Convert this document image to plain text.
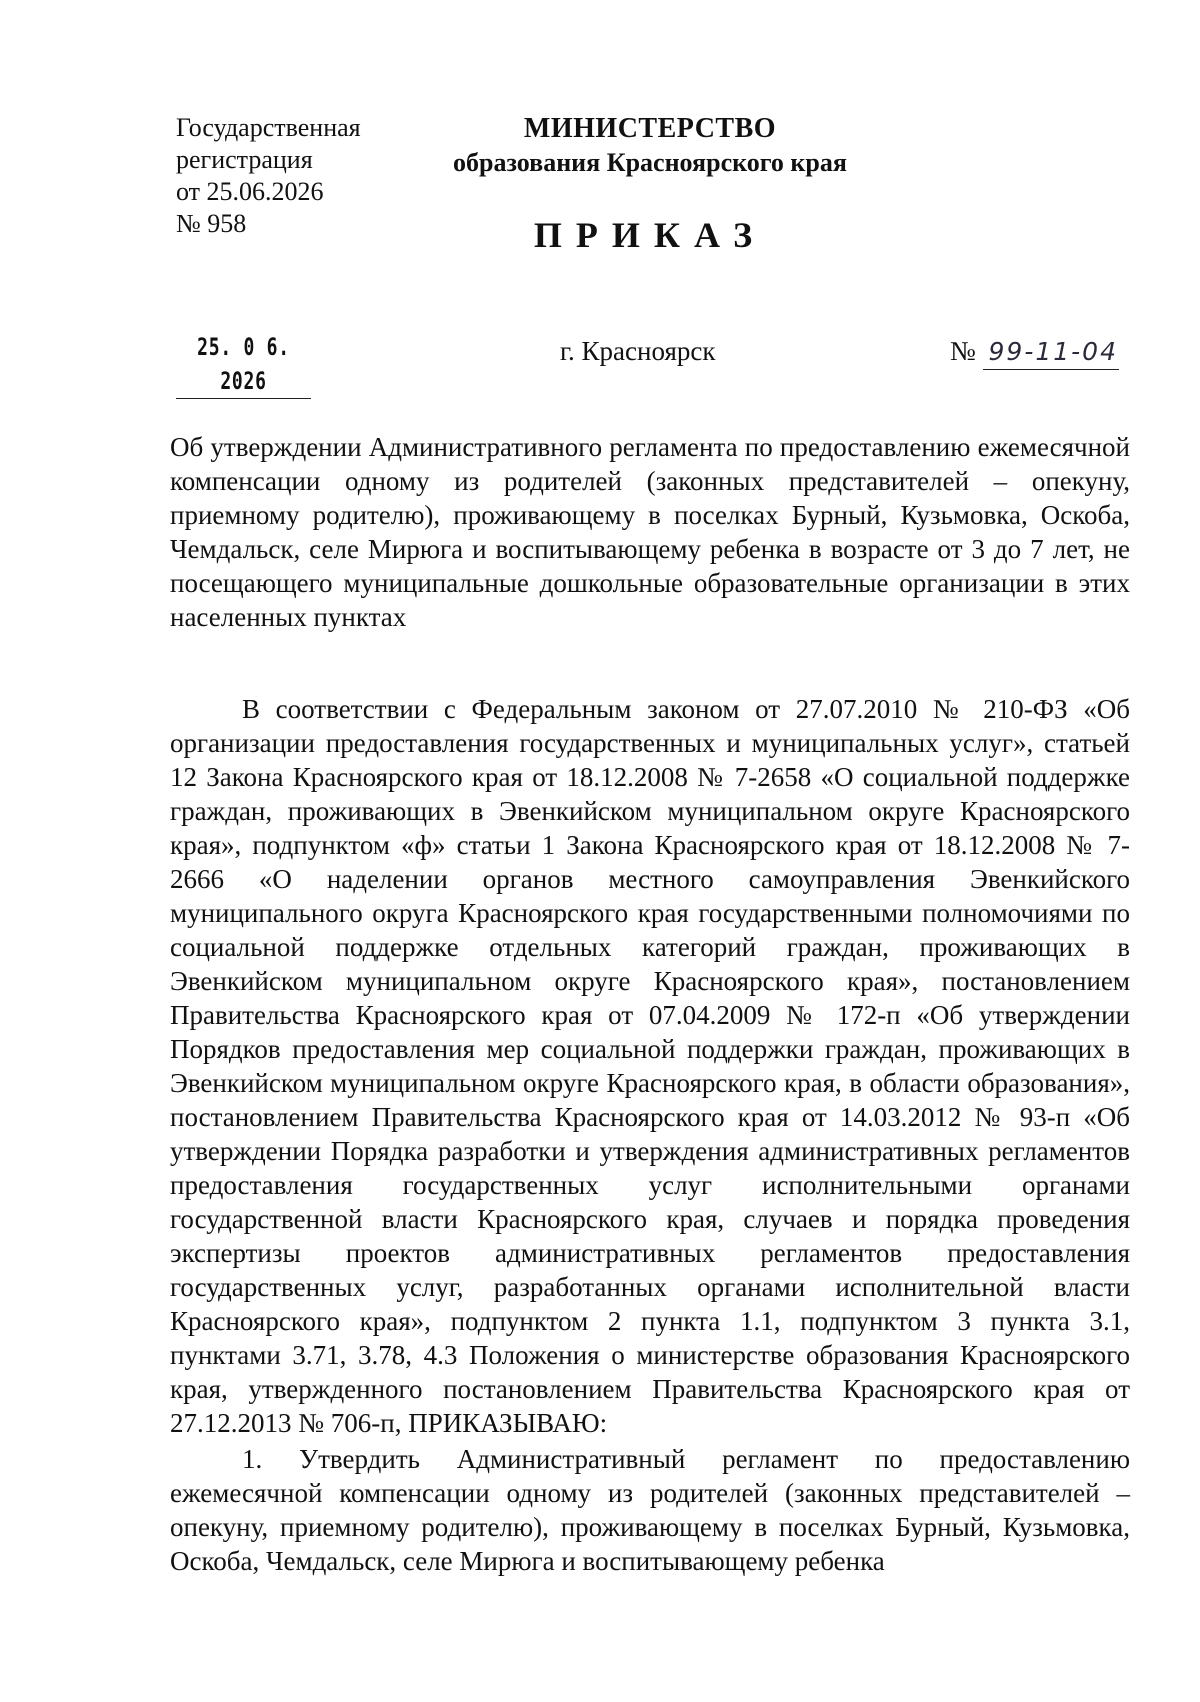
Государственная
регистрация
от 25.06.2026
№ 958
МИНИСТЕРСТВО
образования Красноярского края
ПРИКАЗ
25. 0 6. 2026
г. Красноярск	№ 99-11-04
Об утверждении Административного регламента по предоставлению ежемесячной компенсации одному из родителей (законных представителей – опекуну, приемному родителю), проживающему в поселках Бурный, Кузьмовка, Оскоба, Чемдальск, селе Мирюга и воспитывающему ребенка в возрасте от 3 до 7 лет, не посещающего муниципальные дошкольные образовательные организации в этих населенных пунктах
В соответствии с Федеральным законом от 27.07.2010 № 210-ФЗ «Об организации предоставления государственных и муниципальных услуг», статьей 12 Закона Красноярского края от 18.12.2008 № 7-2658 «О социальной поддержке граждан, проживающих в Эвенкийском муниципальном округе Красноярского края», подпунктом «ф» статьи 1 Закона Красноярского края от 18.12.2008 № 7-2666 «О наделении органов местного самоуправления Эвенкийского муниципального округа Красноярского края государственными полномочиями по социальной поддержке отдельных категорий граждан, проживающих в Эвенкийском муниципальном округе Красноярского края», постановлением Правительства Красноярского края от 07.04.2009 № 172-п «Об утверждении Порядков предоставления мер социальной поддержки граждан, проживающих в Эвенкийском муниципальном округе Красноярского края, в области образования», постановлением Правительства Красноярского края от 14.03.2012 № 93-п «Об утверждении Порядка разработки и утверждения административных регламентов предоставления государственных услуг исполнительными органами государственной власти Красноярского края, случаев и порядка проведения экспертизы проектов административных регламентов предоставления государственных услуг, разработанных органами исполнительной власти Красноярского края», подпунктом 2 пункта 1.1, подпунктом 3 пункта 3.1, пунктами 3.71, 3.78, 4.3 Положения о министерстве образования Красноярского края, утвержденного постановлением Правительства Красноярского края от 27.12.2013 № 706-п, ПРИКАЗЫВАЮ:
1. Утвердить Административный регламент по предоставлению ежемесячной компенсации одному из родителей (законных представителей – опекуну, приемному родителю), проживающему в поселках Бурный, Кузьмовка, Оскоба, Чемдальск, селе Мирюга и воспитывающему ребенка
